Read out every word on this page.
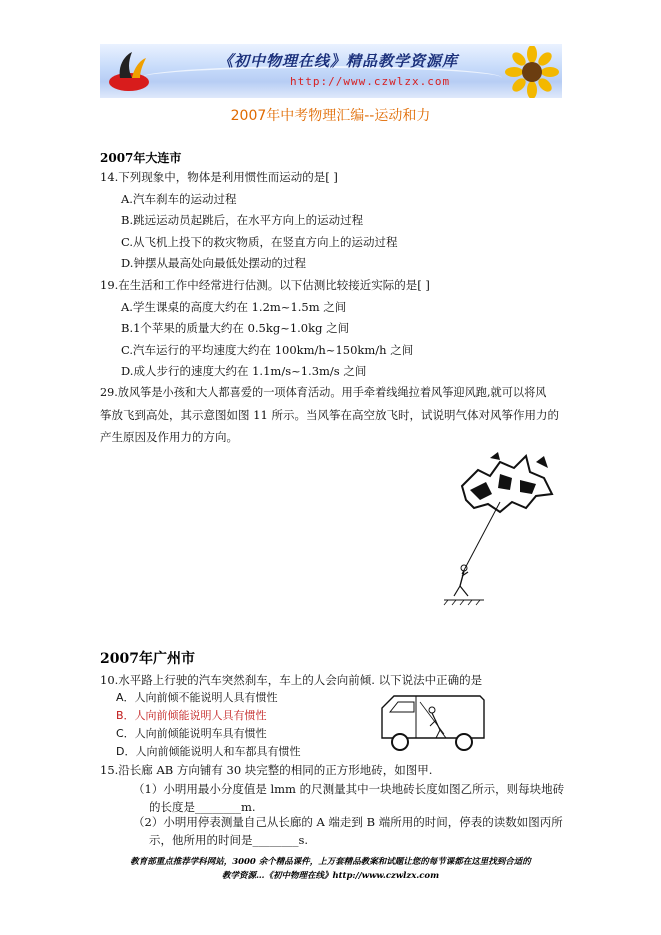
《初中物理在线》精品教学资源库
http://www.czwlzx.com
2007年中考物理汇编--运动和力
2007年大连市
14.下列现象中，物体是利用惯性而运动的是[ ]
A.汽车刹车的运动过程
B.跳远运动员起跳后，在水平方向上的运动过程
C.从飞机上投下的救灾物质，在竖直方向上的运动过程
D.钟摆从最高处向最低处摆动的过程
19.在生活和工作中经常进行估测。以下估测比较接近实际的是[ ]
A.学生课桌的高度大约在 1.2m~1.5m 之间
B.1个苹果的质量大约在 0.5kg~1.0kg 之间
C.汽车运行的平均速度大约在 100km/h~150km/h 之间
D.成人步行的速度大约在 1.1m/s~1.3m/s 之间
29.放风筝是小孩和大人都喜爱的一项体育活动。用手牵着线绳拉着风筝迎风跑,就可以将风
筝放飞到高处，其示意图如图 11 所示。当风筝在高空放飞时，试说明气体对风筝作用力的
产生原因及作用力的方向。
2007年广州市
10.水平路上行驶的汽车突然刹车，车上的人会向前倾. 以下说法中正确的是
A．人向前倾不能说明人具有惯性
B．人向前倾能说明人具有惯性
C．人向前倾能说明车具有惯性
D．人向前倾能说明人和车都具有惯性
15.沿长廊 AB 方向铺有 30 块完整的相同的正方形地砖，如图甲.
（1）小明用最小分度值是 lmm 的尺测量其中一块地砖长度如图乙所示，则每块地砖
的长度是________m.
（2）小明用停表测量自己从长廊的 A 端走到 B 端所用的时间，停表的读数如图丙所
示，他所用的时间是________s.
教育部重点推荐学科网站，3000 余个精品课件，上万套精品教案和试题让您的每节课都在这里找到合适的
教学资源…《初中物理在线》http://www.czwlzx.com
